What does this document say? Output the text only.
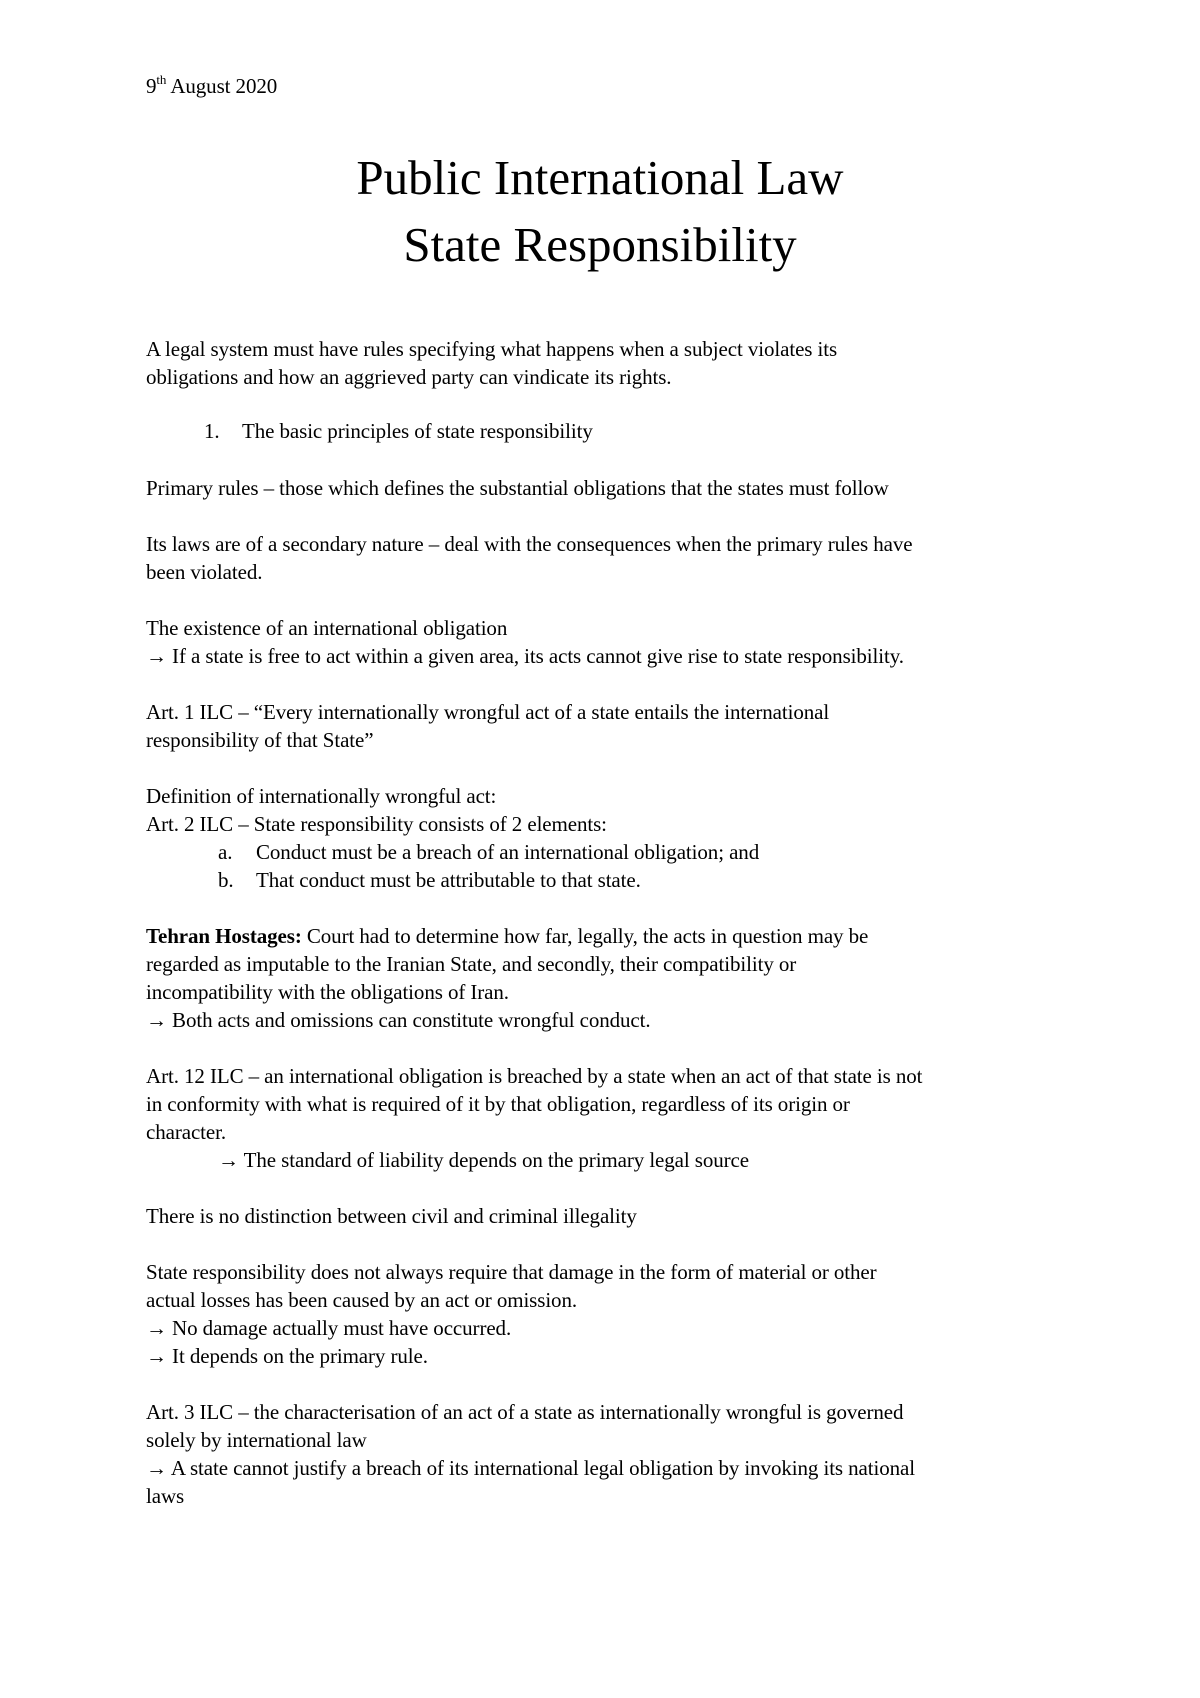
9th August 2020
Public International Law
State Responsibility
A legal system must have rules specifying what happens when a subject violates its
obligations and how an aggrieved party can vindicate its rights.
1. The basic principles of state responsibility
Primary rules – those which defines the substantial obligations that the states must follow
Its laws are of a secondary nature – deal with the consequences when the primary rules have
been violated.
The existence of an international obligation
→ If a state is free to act within a given area, its acts cannot give rise to state responsibility.
Art. 1 ILC – “Every internationally wrongful act of a state entails the international
responsibility of that State”
Definition of internationally wrongful act:
Art. 2 ILC – State responsibility consists of 2 elements:
a. Conduct must be a breach of an international obligation; and
b. That conduct must be attributable to that state.
Tehran Hostages: Court had to determine how far, legally, the acts in question may be
regarded as imputable to the Iranian State, and secondly, their compatibility or
incompatibility with the obligations of Iran.
→ Both acts and omissions can constitute wrongful conduct.
Art. 12 ILC – an international obligation is breached by a state when an act of that state is not
in conformity with what is required of it by that obligation, regardless of its origin or
character.
→ The standard of liability depends on the primary legal source
There is no distinction between civil and criminal illegality
State responsibility does not always require that damage in the form of material or other
actual losses has been caused by an act or omission.
→ No damage actually must have occurred.
→ It depends on the primary rule.
Art. 3 ILC – the characterisation of an act of a state as internationally wrongful is governed
solely by international law
→ A state cannot justify a breach of its international legal obligation by invoking its national
laws
